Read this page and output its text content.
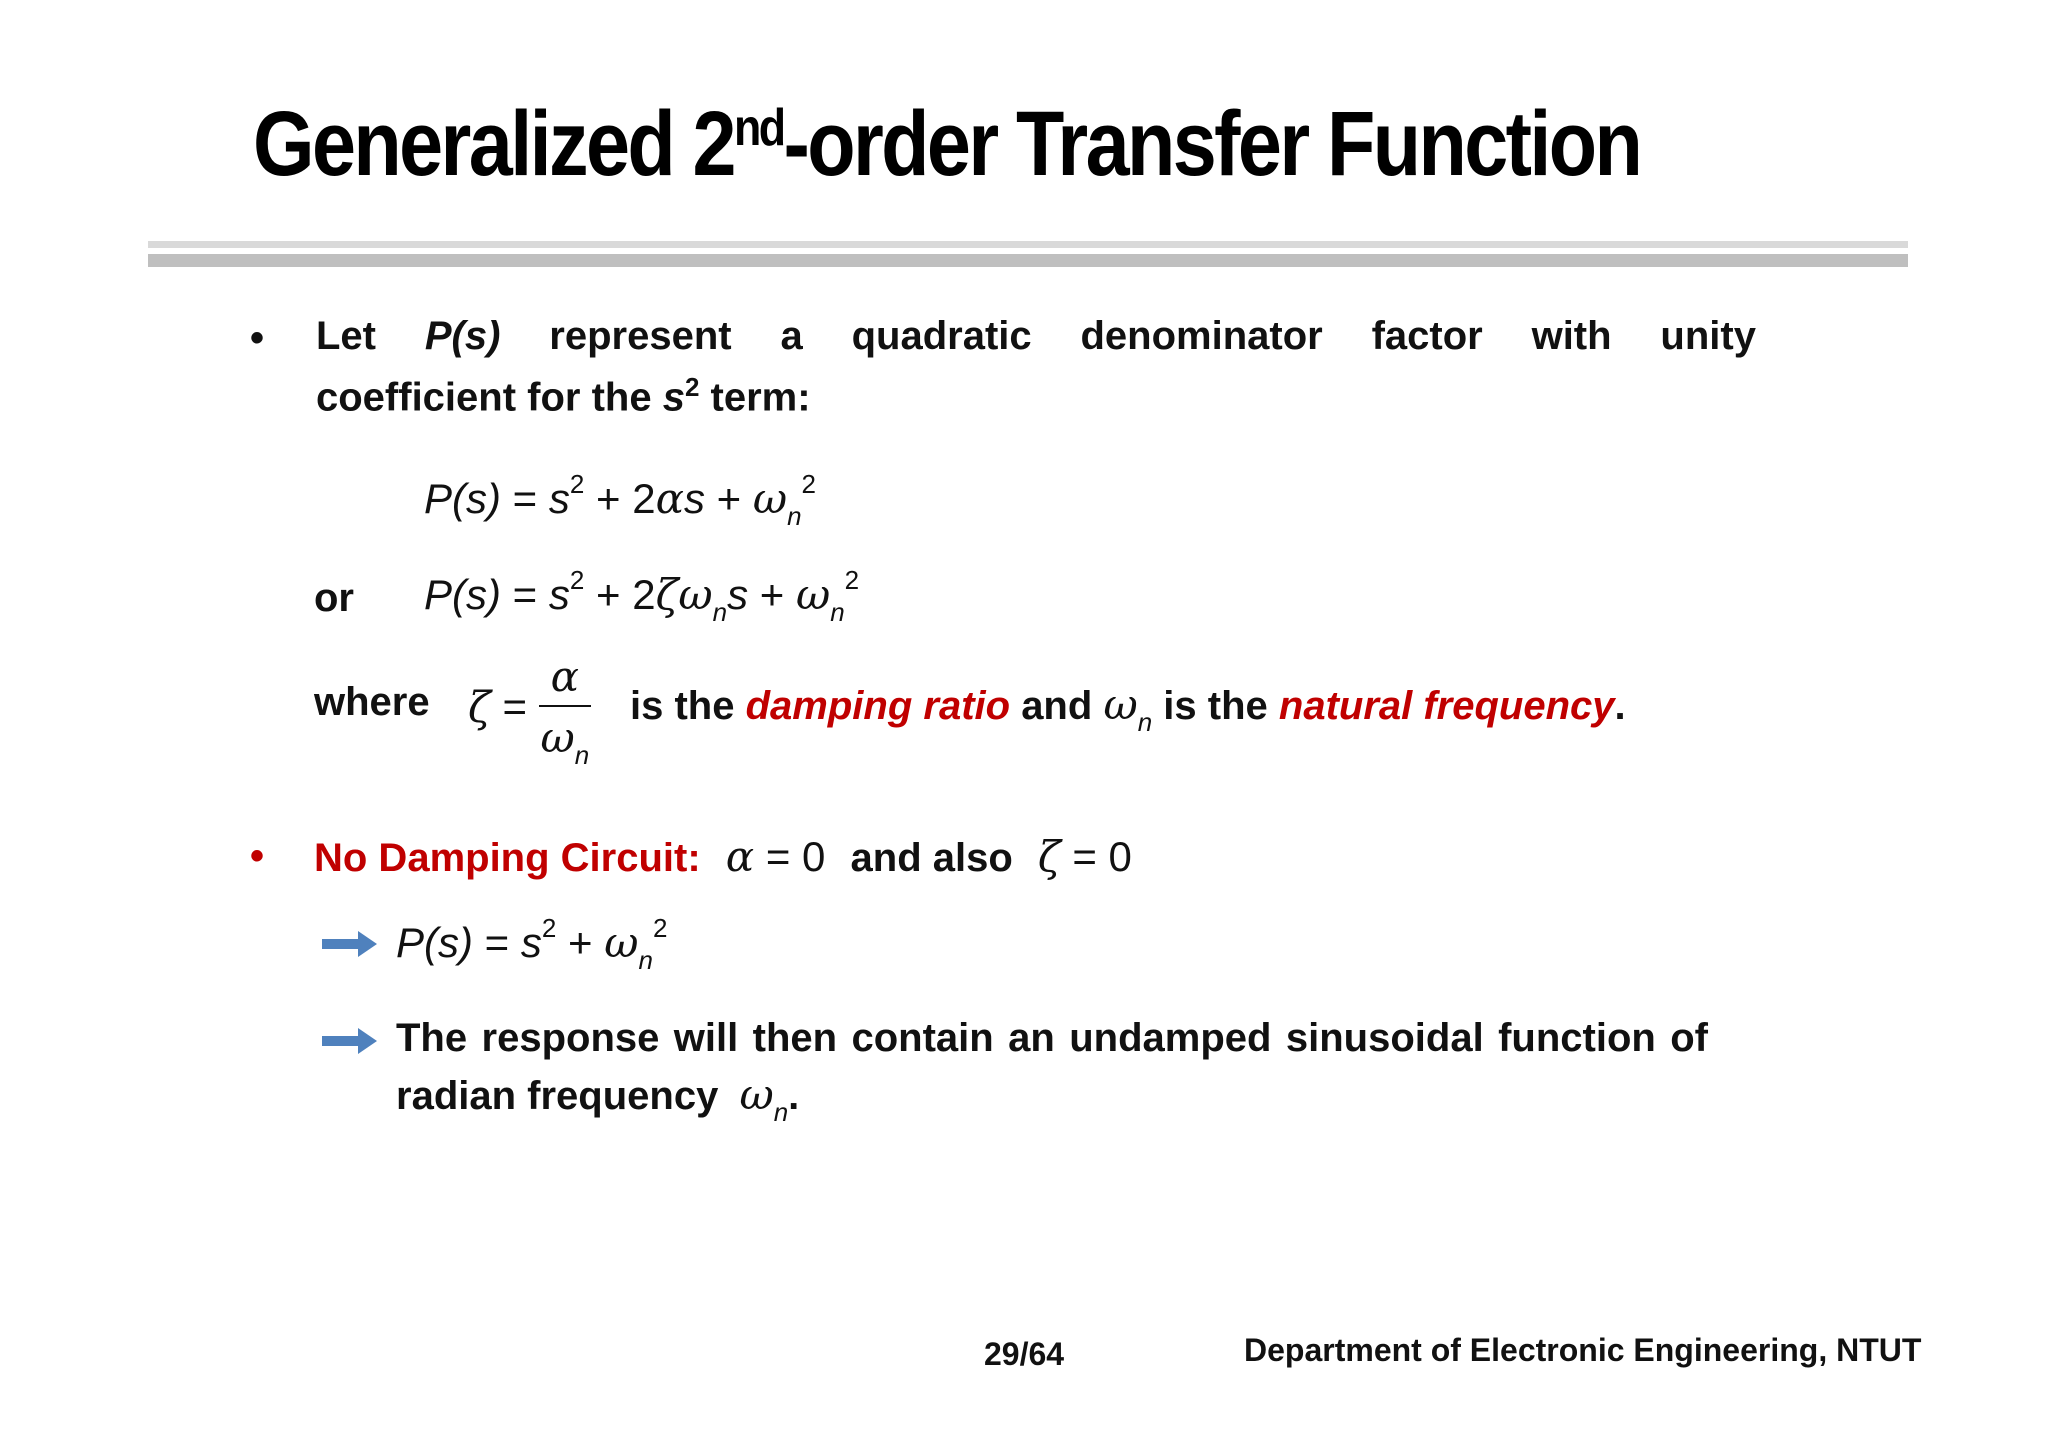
Generalized 2nd-order Transfer Function
• Let P(s) represent a quadratic denominator factor with unity
coefficient for the $s^2$ term:
$P(s) = s^2 + 2\alpha s + \omega_n^2$
or $P(s) = s^2 + 2\zeta\omega_ns + \omega_n^2$
where $\zeta = \frac{\alpha}{\omega_n}$ is the damping ratio and $\omega_n$ is the natural frequency.
• No Damping Circuit: α = 0 and also ζ = 0
$P(s) = s^2 + \omega_n^2$
The response will then contain an undamped sinusoidal function of
radian frequency $\omega_n$.
29/64	Department of Electronic Engineering, NTUT
